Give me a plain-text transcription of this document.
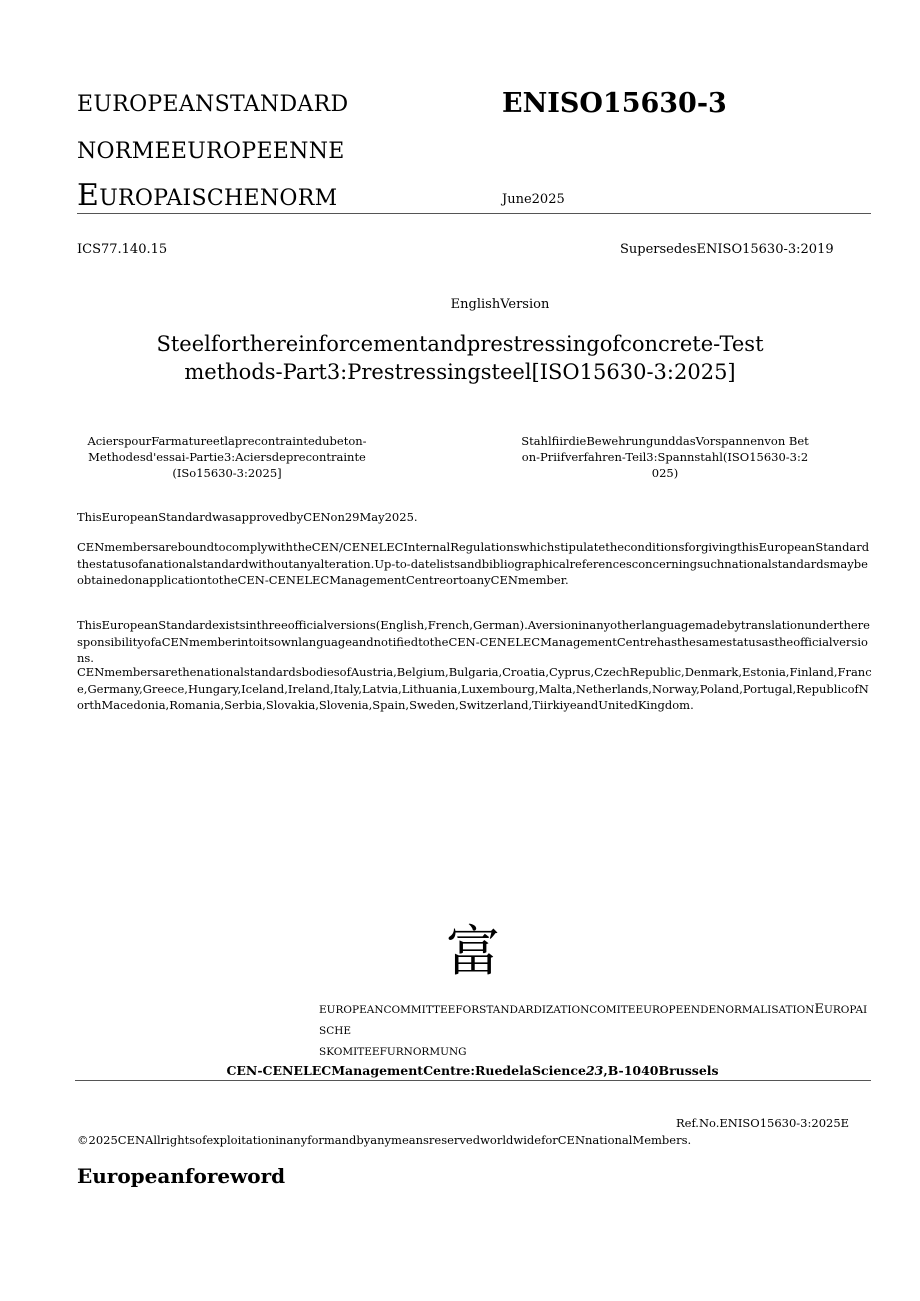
EUROPEANSTANDARD
NORMEEUROPEENNE
EUROPAISCHENORM
ENISO15630-3
June2025
ICS77.140.15	SupersedesENISO15630-3:2019
EnglishVersion

Steelforthereinforcementandprestressingofconcrete-Testmethods-Part3:Prestressingsteel[ISO15630-3:2025]

AcierspourFarmatureetlaprecontraintedubeton-Methodesd'essai-Partie3:Aciersdeprecontrainte (ISo15630-3:2025]

StahlfiirdieBewehrungunddasVorspannenvon Beton-Priifverfahren-Teil3:Spannstahl(ISO15630-3:2025)

ThisEuropeanStandardwasapprovedbyCENon29May2025.

CENmembersareboundtocomplywiththeCEN/CENELECInternalRegulationswhichstipulatetheconditionsforgivingthisEuropeanStandardthestatusofanationalstandardwithoutanyalteration.Up-to-datelistsandbibliographicalreferencesconcerningsuchnationalstandardsmaybeobtainedonapplicationtotheCEN-CENELECManagementCentreortoanyCENmember.

ThisEuropeanStandardexistsinthreeofficialversions(English,French,German).AversioninanyotherlanguagemadebytranslationundertheresponsibilityofaCENmemberintoitsownlanguageandnotifiedtotheCEN-CENELECManagementCentrehasthesamestatusastheofficialversions.

CENmembersarethenationalstandardsbodiesofAustria,Belgium,Bulgaria,Croatia,Cyprus,CzechRepublic,Denmark,Estonia,Finland,France,Germany,Greece,Hungary,Iceland,Ireland,Italy,Latvia,Lithuania,Luxembourg,Malta,Netherlands,Norway,Poland,Portugal,RepublicofNorthMacedonia,Romania,Serbia,Slovakia,Slovenia,Spain,Sweden,Switzerland,TiirkiyeandUnitedKingdom.

富

EUROPEANCOMMITTEEFORSTANDARDIZATIONCOMITEEUROPEENDENORMALISATIONEUROPAISCHE
SKOMITEEFURNORMUNG

CEN-CENELECManagementCentre:RuedelaScience23,B-1040Brussels

Ref.No.ENISO15630-3:2025E
©2025CENAllrightsofexploitationinanyformandbyanymeansreservedworldwideforCENnationalMembers.
Europeanforeword
